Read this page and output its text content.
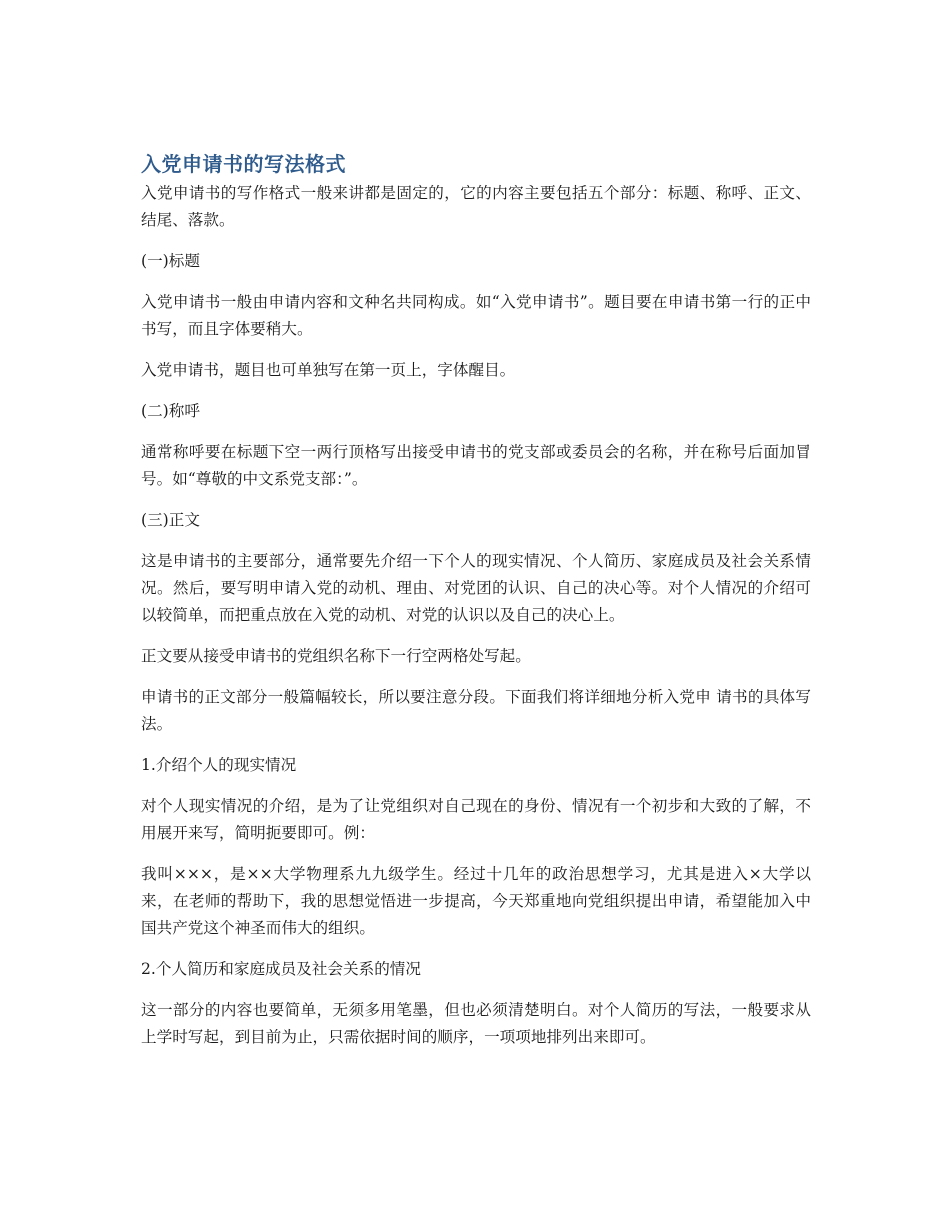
入党申请书的写法格式

入党申请书的写作格式一般来讲都是固定的，它的内容主要包括五个部分：标题、称呼、正文、结尾、落款。

(一)标题

入党申请书一般由申请内容和文种名共同构成。如“入党申请书”。题目要在申请书第一行的正中书写，而且字体要稍大。

入党申请书，题目也可单独写在第一页上，字体醒目。

(二)称呼

通常称呼要在标题下空一两行顶格写出接受申请书的党支部或委员会的名称，并在称号后面加冒号。如“尊敬的中文系党支部：”。

(三)正文

这是申请书的主要部分，通常要先介绍一下个人的现实情况、个人简历、家庭成员及社会关系情况。然后，要写明申请入党的动机、理由、对党团的认识、自己的决心等。对个人情况的介绍可以较简单，而把重点放在入党的动机、对党的认识以及自己的决心上。

正文要从接受申请书的党组织名称下一行空两格处写起。

申请书的正文部分一般篇幅较长，所以要注意分段。下面我们将详细地分析入党申 请书的具体写法。

1.介绍个人的现实情况

对个人现实情况的介绍，是为了让党组织对自己现在的身份、情况有一个初步和大致的了解，不用展开来写，简明扼要即可。例：

我叫×××，是××大学物理系九九级学生。经过十几年的政治思想学习，尤其是进入×大学以来，在老师的帮助下，我的思想觉悟进一步提高，今天郑重地向党组织提出申请，希望能加入中国共产党这个神圣而伟大的组织。

2.个人简历和家庭成员及社会关系的情况

这一部分的内容也要简单，无须多用笔墨，但也必须清楚明白。对个人简历的写法，一般要求从上学时写起，到目前为止，只需依据时间的顺序，一项项地排列出来即可。
